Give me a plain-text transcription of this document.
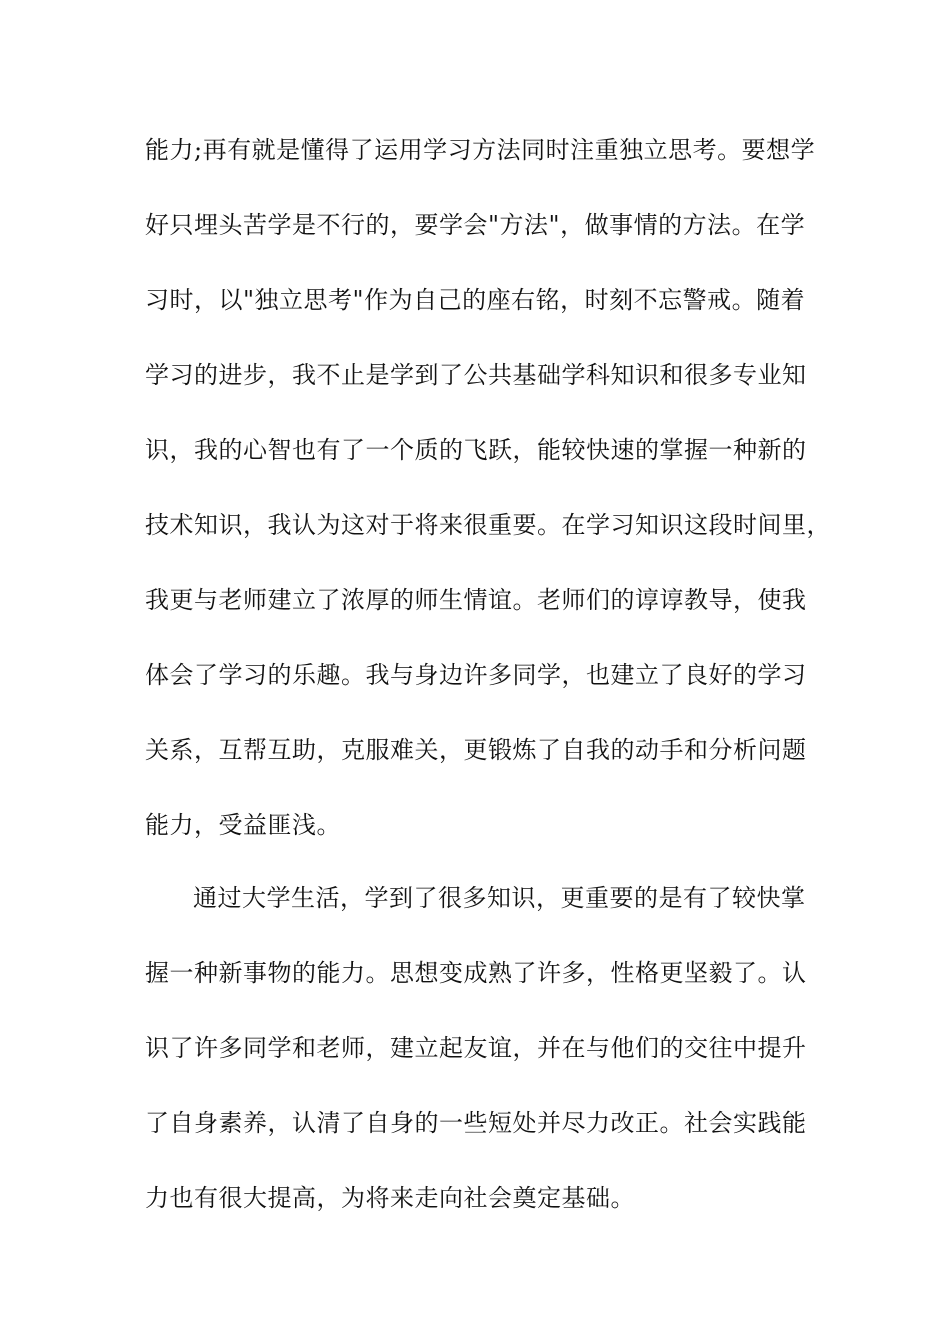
能力;再有就是懂得了运用学习方法同时注重独立思考。要想学
好只埋头苦学是不行的，要学会"方法"，做事情的方法。在学
习时，以"独立思考"作为自己的座右铭，时刻不忘警戒。随着
学习的进步，我不止是学到了公共基础学科知识和很多专业知
识，我的心智也有了一个质的飞跃，能较快速的掌握一种新的
技术知识，我认为这对于将来很重要。在学习知识这段时间里，
我更与老师建立了浓厚的师生情谊。老师们的谆谆教导，使我
体会了学习的乐趣。我与身边许多同学，也建立了良好的学习
关系，互帮互助，克服难关，更锻炼了自我的动手和分析问题
能力，受益匪浅。
通过大学生活，学到了很多知识，更重要的是有了较快掌
握一种新事物的能力。思想变成熟了许多，性格更坚毅了。认
识了许多同学和老师，建立起友谊，并在与他们的交往中提升
了自身素养，认清了自身的一些短处并尽力改正。社会实践能
力也有很大提高，为将来走向社会奠定基础。
